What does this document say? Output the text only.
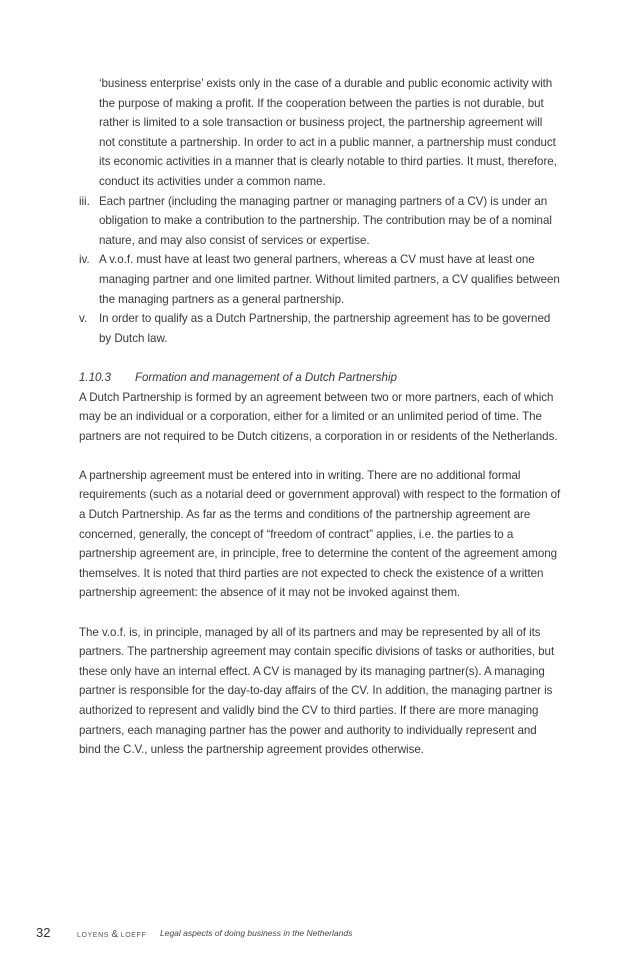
‘business enterprise’ exists only in the case of a durable and public economic activity with the purpose of making a profit. If the cooperation between the parties is not durable, but rather is limited to a sole transaction or business project, the partnership agreement will not constitute a partnership. In order to act in a public manner, a partnership must conduct its economic activities in a manner that is clearly notable to third parties. It must, therefore, conduct its activities under a common name.
iii. Each partner (including the managing partner or managing partners of a CV) is under an obligation to make a contribution to the partnership. The contribution may be of a nominal nature, and may also consist of services or expertise.
iv. A v.o.f. must have at least two general partners, whereas a CV must have at least one managing partner and one limited partner. Without limited partners, a CV qualifies between the managing partners as a general partnership.
v. In order to qualify as a Dutch Partnership, the partnership agreement has to be governed by Dutch law.
1.10.3 Formation and management of a Dutch Partnership
A Dutch Partnership is formed by an agreement between two or more partners, each of which may be an individual or a corporation, either for a limited or an unlimited period of time. The partners are not required to be Dutch citizens, a corporation in or residents of the Netherlands.
A partnership agreement must be entered into in writing. There are no additional formal requirements (such as a notarial deed or government approval) with respect to the formation of a Dutch Partnership. As far as the terms and conditions of the partnership agreement are concerned, generally, the concept of “freedom of contract” applies, i.e. the parties to a partnership agreement are, in principle, free to determine the content of the agreement among themselves. It is noted that third parties are not expected to check the existence of a written partnership agreement: the absence of it may not be invoked against them.
The v.o.f. is, in principle, managed by all of its partners and may be represented by all of its partners. The partnership agreement may contain specific divisions of tasks or authorities, but these only have an internal effect. A CV is managed by its managing partner(s). A managing partner is responsible for the day-to-day affairs of the CV. In addition, the managing partner is authorized to represent and validly bind the CV to third parties. If there are more managing partners, each managing partner has the power and authority to individually represent and bind the C.V., unless the partnership agreement provides otherwise.
32	LOYENS & LOEFF Legal aspects of doing business in the Netherlands
